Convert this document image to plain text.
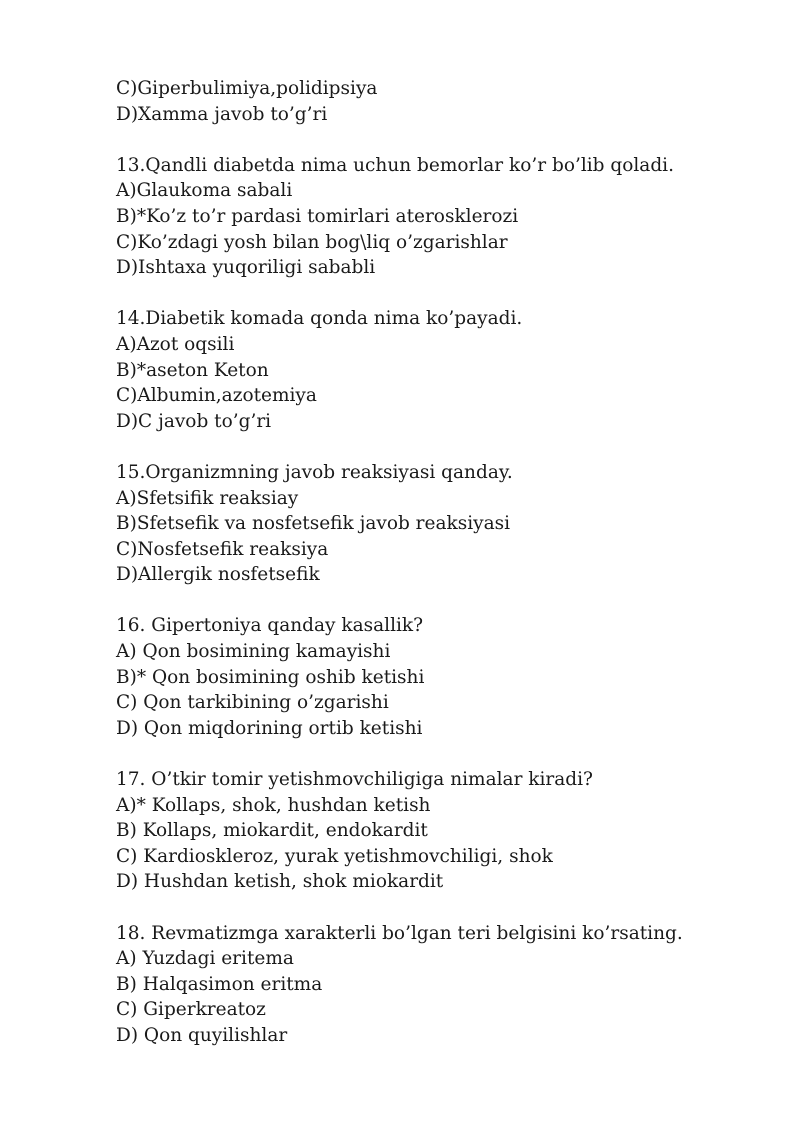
C)Giperbulimiya,polidipsiya
D)Xamma javob to’g’ri
13.Qandli diabetda nima uchun bemorlar ko’r bo’lib qoladi.
A)Glaukoma sabali
B)*Ko’z to’r pardasi tomirlari aterosklerozi
C)Ko’zdagi yosh bilan bog\liq o’zgarishlar
D)Ishtaxa yuqoriligi sababli
14.Diabetik komada qonda nima ko’payadi.
A)Azot oqsili
B)*aseton Keton
C)Albumin,azotemiya
D)C javob to’g’ri
15.Organizmning javob reaksiyasi qanday.
A)Sfetsifik reaksiay
B)Sfetsefik va nosfetsefik javob reaksiyasi
C)Nosfetsefik reaksiya
D)Allergik nosfetsefik
16. Gipertoniya qanday kasallik?
A) Qon bosimining kamayishi
B)* Qon bosimining oshib ketishi
C) Qon tarkibining o’zgarishi
D) Qon miqdorining ortib ketishi
17. O’tkir tomir yetishmovchiligiga nimalar kiradi?
A)* Kollaps, shok, hushdan ketish
B) Kollaps, miokardit, endokardit
C) Kardioskleroz, yurak yetishmovchiligi, shok
D) Hushdan ketish, shok miokardit
18. Revmatizmga xarakterli bo’lgan teri belgisini ko’rsating.
A) Yuzdagi eritema
B) Halqasimon eritma
C) Giperkreatoz
D) Qon quyilishlar
